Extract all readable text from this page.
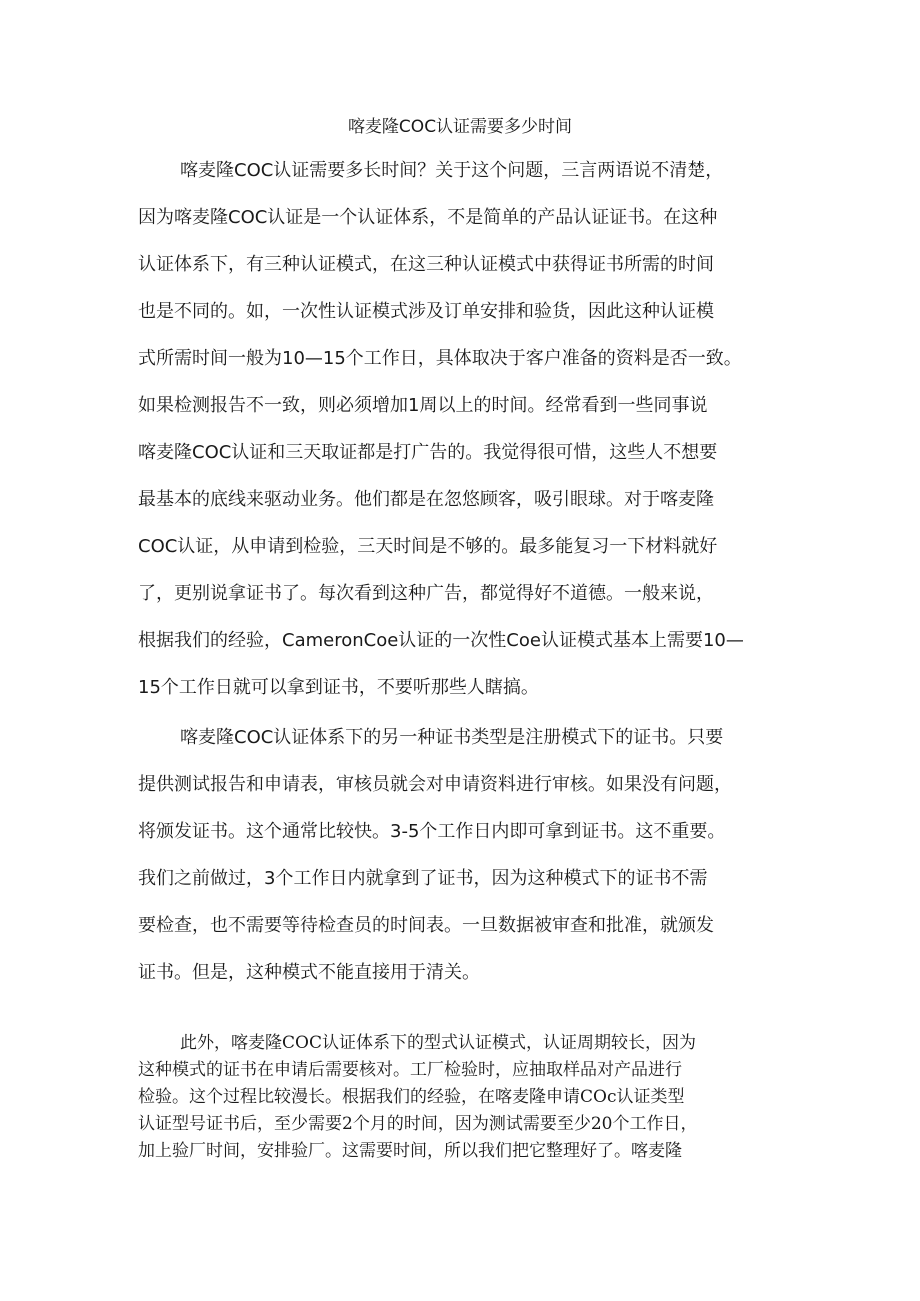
喀麦隆COC认证需要多少时间

喀麦隆COC认证需要多长时间？关于这个问题，三言两语说不清楚，

因为喀麦隆COC认证是一个认证体系，不是简单的产品认证证书。在这种

认证体系下，有三种认证模式，在这三种认证模式中获得证书所需的时间

也是不同的。如，一次性认证模式涉及订单安排和验货，因此这种认证模

式所需时间一般为10—15个工作日，具体取决于客户准备的资料是否一致。

如果检测报告不一致，则必须增加1周以上的时间。经常看到一些同事说

喀麦隆COC认证和三天取证都是打广告的。我觉得很可惜，这些人不想要

最基本的底线来驱动业务。他们都是在忽悠顾客，吸引眼球。对于喀麦隆

COC认证，从申请到检验，三天时间是不够的。最多能复习一下材料就好

了，更别说拿证书了。每次看到这种广告，都觉得好不道德。一般来说，

根据我们的经验，CameronCoe认证的一次性Coe认证模式基本上需要10—

15个工作日就可以拿到证书，不要听那些人瞎搞。

喀麦隆COC认证体系下的另一种证书类型是注册模式下的证书。只要

提供测试报告和申请表，审核员就会对申请资料进行审核。如果没有问题，

将颁发证书。这个通常比较快。3-5个工作日内即可拿到证书。这不重要。

我们之前做过，3个工作日内就拿到了证书，因为这种模式下的证书不需

要检查，也不需要等待检查员的时间表。一旦数据被审查和批准，就颁发

证书。但是，这种模式不能直接用于清关。

此外，喀麦隆COC认证体系下的型式认证模式，认证周期较长，因为

这种模式的证书在申请后需要核对。工厂检验时，应抽取样品对产品进行

检验。这个过程比较漫长。根据我们的经验，在喀麦隆申请COc认证类型

认证型号证书后，至少需要2个月的时间，因为测试需要至少20个工作日，

加上验厂时间，安排验厂。这需要时间，所以我们把它整理好了。喀麦隆
